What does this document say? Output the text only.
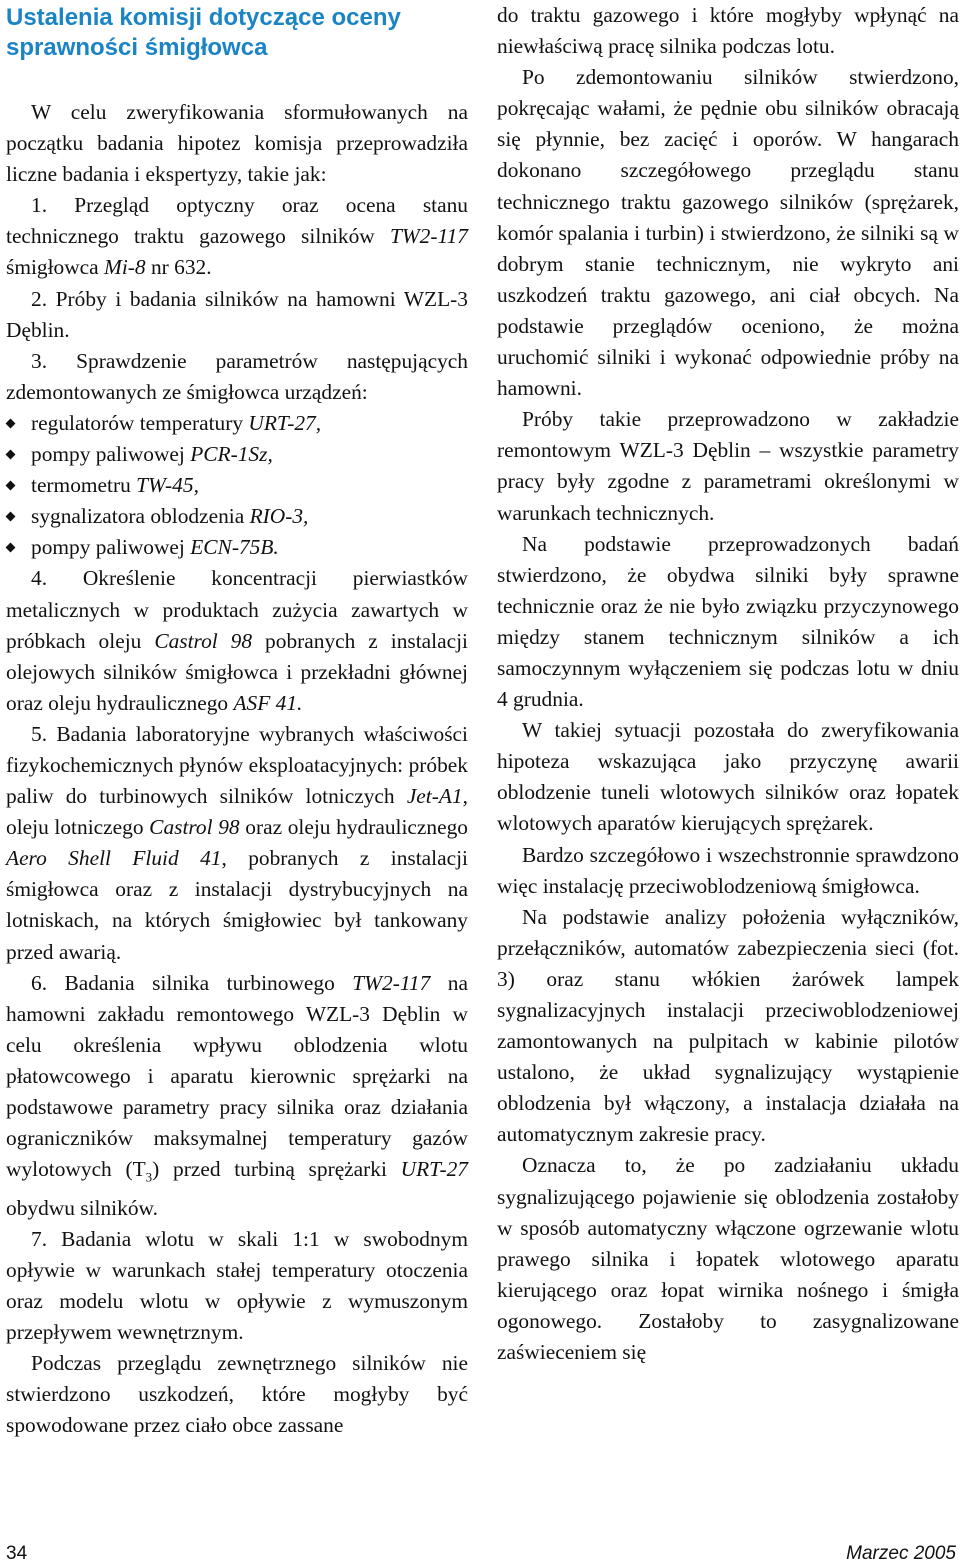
Ustalenia komisji dotyczące oceny sprawności śmigłowca

W celu zweryfikowania sformułowanych na początku badania hipotez komisja przeprowadziła liczne badania i ekspertyzy, takie jak:

1. Przegląd optyczny oraz ocena stanu technicznego traktu gazowego silników TW2-117 śmigłowca Mi-8 nr 632.

2. Próby i badania silników na hamowni WZL-3 Dęblin.

3. Sprawdzenie parametrów następujących zdemontowanych ze śmigłowca urządzeń:

regulatorów temperatury URT-27,
pompy paliwowej PCR-1Sz,
termometru TW-45,
sygnalizatora oblodzenia RIO-3,
pompy paliwowej ECN-75B.

4. Określenie koncentracji pierwiastków metalicznych w produktach zużycia zawartych w próbkach oleju Castrol 98 pobranych z instalacji olejowych silników śmigłowca i przekładni głównej oraz oleju hydraulicznego ASF 41.

5. Badania laboratoryjne wybranych właściwości fizykochemicznych płynów eksploatacyjnych: próbek paliw do turbinowych silników lotniczych Jet-A1, oleju lotniczego Castrol 98 oraz oleju hydraulicznego Aero Shell Fluid 41, pobranych z instalacji śmigłowca oraz z instalacji dystrybucyjnych na lotniskach, na których śmigłowiec był tankowany przed awarią.

6. Badania silnika turbinowego TW2-117 na hamowni zakładu remontowego WZL-3 Dęblin w celu określenia wpływu oblodzenia wlotu płatowcowego i aparatu kierownic sprężarki na podstawowe parametry pracy silnika oraz działania ograniczników maksymalnej temperatury gazów wylotowych $(T_3)$ przed turbiną sprężarki URT-27 obydwu silników.

7. Badania wlotu w skali 1:1 w swobodnym opływie w warunkach stałej temperatury otoczenia oraz modelu wlotu w opływie z wymuszonym przepływem wewnętrznym.

Podczas przeglądu zewnętrznego silników nie stwierdzono uszkodzeń, które mogłyby być spowodowane przez ciało obce zassane

do traktu gazowego i które mogłyby wpłynąć na niewłaściwą pracę silnika podczas lotu.

Po zdemontowaniu silników stwierdzono, pokręcając wałami, że pędnie obu silników obracają się płynnie, bez zacięć i oporów. W hangarach dokonano szczegółowego przeglądu stanu technicznego traktu gazowego silników (sprężarek, komór spalania i turbin) i stwierdzono, że silniki są w dobrym stanie technicznym, nie wykryto ani uszkodzeń traktu gazowego, ani ciał obcych. Na podstawie przeglądów oceniono, że można uruchomić silniki i wykonać odpowiednie próby na hamowni.

Próby takie przeprowadzono w zakładzie remontowym WZL-3 Dęblin – wszystkie parametry pracy były zgodne z parametrami określonymi w warunkach technicznych.

Na podstawie przeprowadzonych badań stwierdzono, że obydwa silniki były sprawne technicznie oraz że nie było związku przyczynowego między stanem technicznym silników a ich samoczynnym wyłączeniem się podczas lotu w dniu 4 grudnia.

W takiej sytuacji pozostała do zweryfikowania hipoteza wskazująca jako przyczynę awarii oblodzenie tuneli wlotowych silników oraz łopatek wlotowych aparatów kierujących sprężarek.

Bardzo szczegółowo i wszechstronnie sprawdzono więc instalację przeciwoblodzeniową śmigłowca.

Na podstawie analizy położenia wyłączników, przełączników, automatów zabezpieczenia sieci (fot. 3) oraz stanu włókien żarówek lampek sygnalizacyjnych instalacji przeciwoblodzeniowej zamontowanych na pulpitach w kabinie pilotów ustalono, że układ sygnalizujący wystąpienie oblodzenia był włączony, a instalacja działała na automatycznym zakresie pracy.

Oznacza to, że po zadziałaniu układu sygnalizującego pojawienie się oblodzenia zostałoby w sposób automatyczny włączone ogrzewanie wlotu prawego silnika i łopatek wlotowego aparatu kierującego oraz łopat wirnika nośnego i śmigła ogonowego. Zostałoby to zasygnalizowane zaświeceniem się

34	Marzec 2005
